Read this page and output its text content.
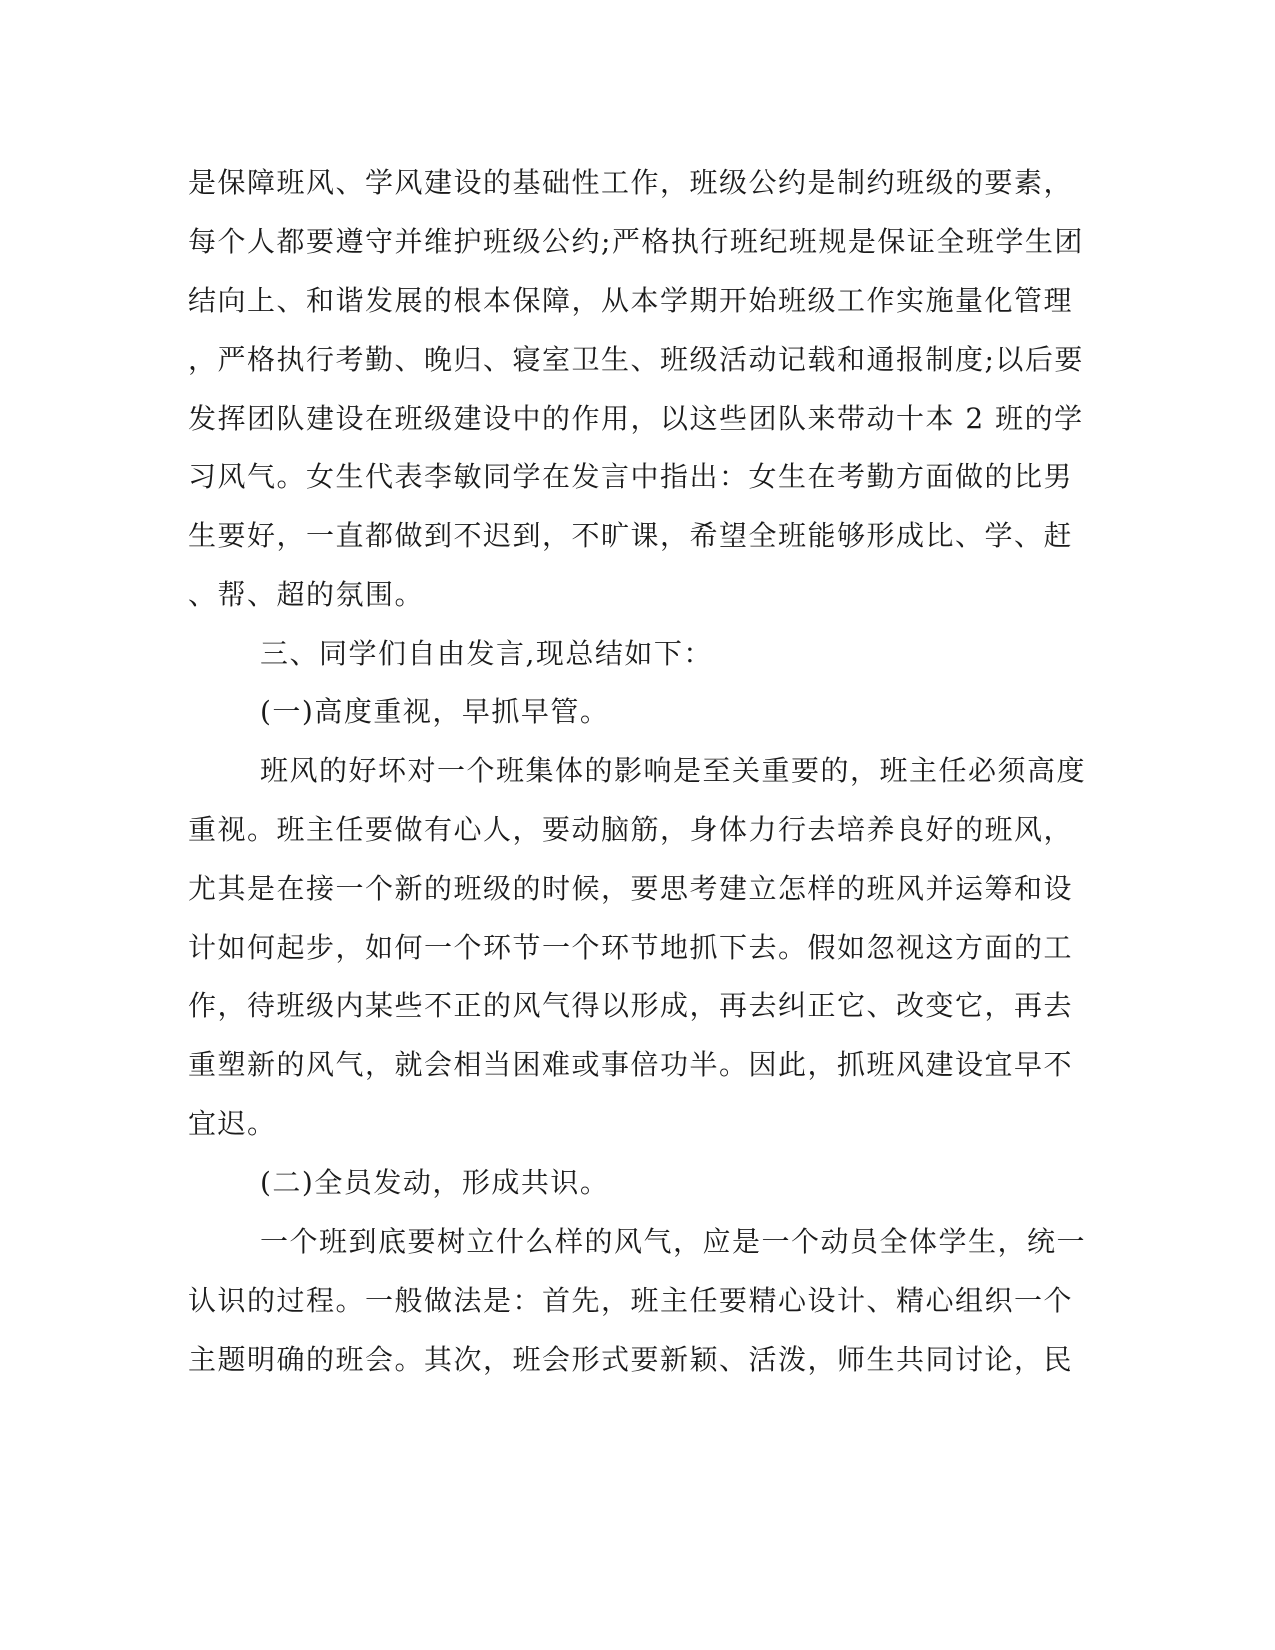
是保障班风、学风建设的基础性工作，班级公约是制约班级的要素，
每个人都要遵守并维护班级公约;严格执行班纪班规是保证全班学生团
结向上、和谐发展的根本保障，从本学期开始班级工作实施量化管理
，严格执行考勤、晚归、寝室卫生、班级活动记载和通报制度;以后要
发挥团队建设在班级建设中的作用，以这些团队来带动十本 2 班的学
习风气。女生代表李敏同学在发言中指出：女生在考勤方面做的比男
生要好，一直都做到不迟到，不旷课，希望全班能够形成比、学、赶
、帮、超的氛围。
三、同学们自由发言,现总结如下：
(一)高度重视，早抓早管。
班风的好坏对一个班集体的影响是至关重要的，班主任必须高度
重视。班主任要做有心人，要动脑筋，身体力行去培养良好的班风，
尤其是在接一个新的班级的时候，要思考建立怎样的班风并运筹和设
计如何起步，如何一个环节一个环节地抓下去。假如忽视这方面的工
作，待班级内某些不正的风气得以形成，再去纠正它、改变它，再去
重塑新的风气，就会相当困难或事倍功半。因此，抓班风建设宜早不
宜迟。
(二)全员发动，形成共识。
一个班到底要树立什么样的风气，应是一个动员全体学生，统一
认识的过程。一般做法是：首先，班主任要精心设计、精心组织一个
主题明确的班会。其次，班会形式要新颖、活泼，师生共同讨论，民
